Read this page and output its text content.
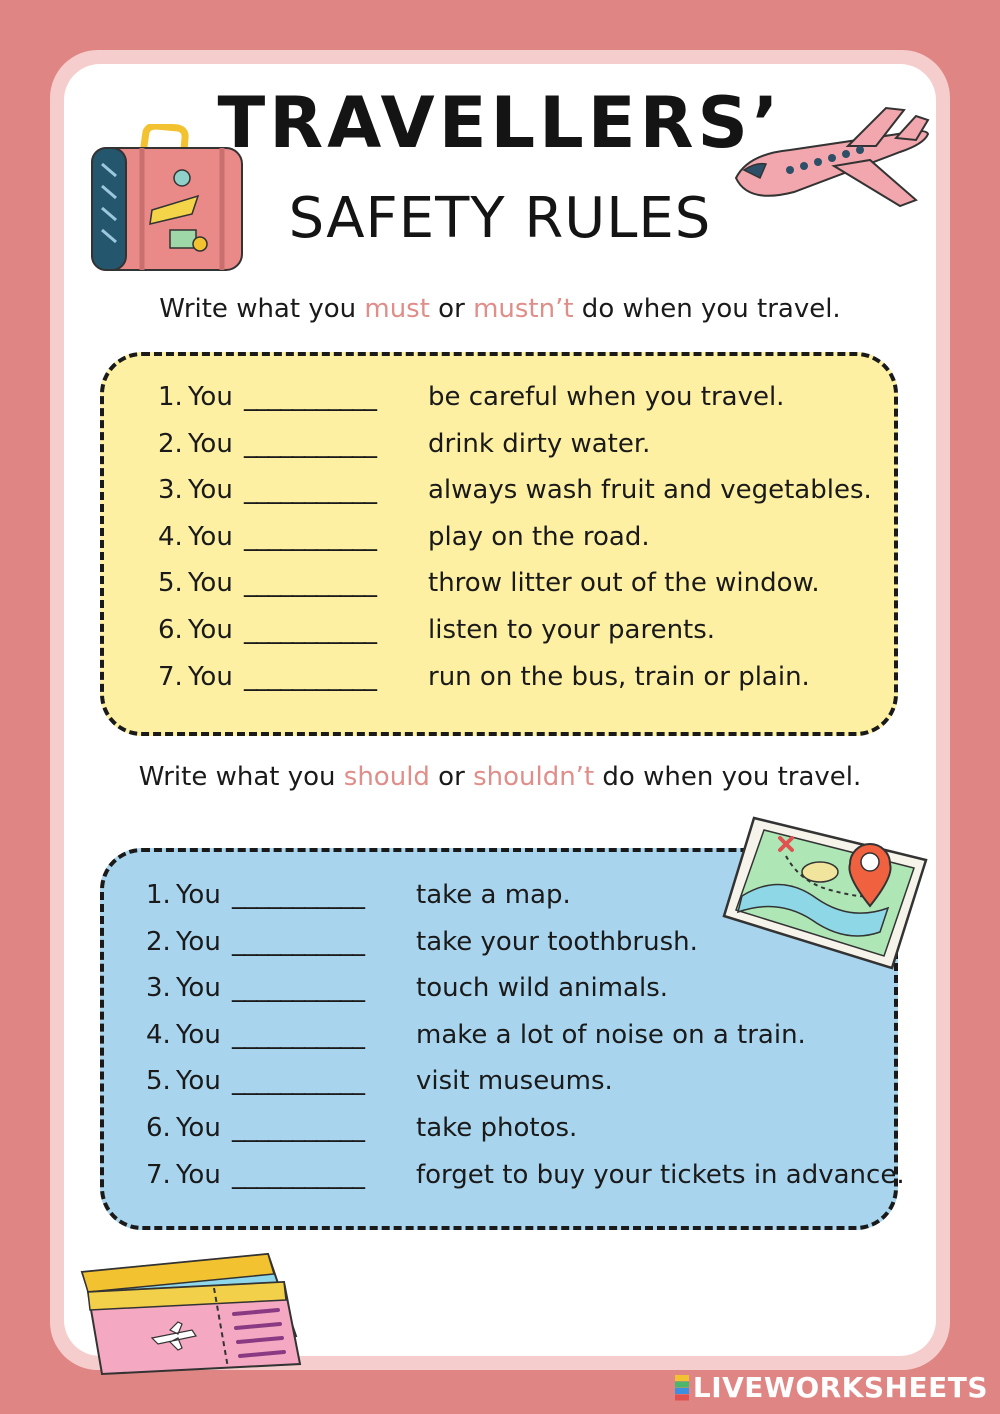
TRAVELLERS’
SAFETY RULES
Write what you must or mustn’t do when you travel.
1. You ___________ be careful when you travel.
2. You ___________ drink dirty water.
3. You ___________ always wash fruit and vegetables.
4. You ___________ play on the road.
5. You ___________ throw litter out of the window.
6. You ___________ listen to your parents.
7. You ___________ run on the bus, train or plain.
Write what you should or shouldn’t do when you travel.
1. You ___________ take a map.
2. You ___________ take your toothbrush.
3. You ___________ touch wild animals.
4. You ___________ make a lot of noise on a train.
5. You ___________ visit museums.
6. You ___________ take photos.
7. You ___________ forget to buy your tickets in advance.
LIVEWORKSHEETS
